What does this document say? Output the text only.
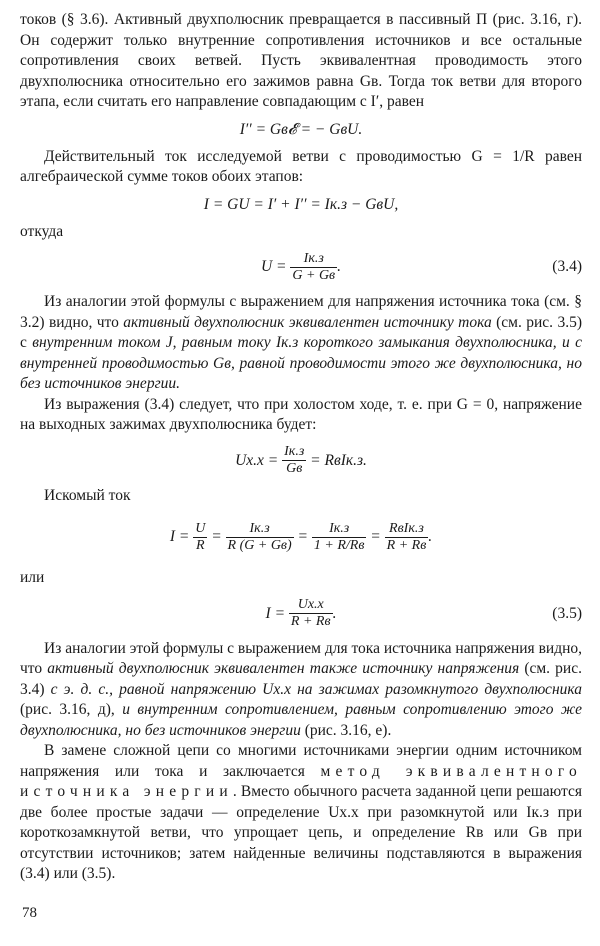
токов (§ 3.6). Активный двухполюсник превращается в пассивный П (рис. 3.16, г). Он содержит только внутренние сопротивления источников и все остальные сопротивления своих ветвей. Пусть эквивалентная проводимость этого двухполюсника относительно его зажимов равна Gв. Тогда ток ветви для второго этапа, если считать его направление совпадающим с I′, равен

I′′ = Gв𝓔 = − GвU.

Действительный ток исследуемой ветви с проводимостью G = 1/R равен алгебраической сумме токов обоих этапов:

I = GU = I′ + I′′ = Iк.з − GвU,

откуда

$U = \frac{Iк.з}{G + Gв}$ .	(3.4)

Из аналогии этой формулы с выражением для напряжения источника тока (см. § 3.2) видно, что активный двухполюсник эквивалентен источнику тока (см. рис. 3.5) с внутренним током J, равным току Iк.з короткого замыкания двухполюсника, и с внутренней проводимостью Gв, равной проводимости этого же двухполюсника, но без источников энергии.

Из выражения (3.4) следует, что при холостом ходе, т. е. при G = 0, напряжение на выходных зажимах двухполюсника будет:

$Uх.х = \frac{Iк.з}{Gв}$ = RвIк.з.

Искомый ток

$I = \frac{U}{R} = \frac{Iк.з}{R (G + Gв)} = \frac{Iк.з}{1 + R/Rв} = \frac{\text{RвIк.з}}{R + Rв}$ .

или

$I = \frac{Uх.х}{R + Rв}$ .	(3.5)

Из аналогии этой формулы с выражением для тока источника напряжения видно, что активный двухполюсник эквивалентен также источнику напряжения (см. рис. 3.4) с э. д. с., равной напряжению Uх.х на зажимах разомкнутого двухполюсника (рис. 3.16, д), и внутренним сопротивлением, равным сопротивлению этого же двухполюсника, но без источников энергии (рис. 3.16, е).

В замене сложной цепи со многими источниками энергии одним источником напряжения или тока и заключается метод эквивалентного источника энергии. Вместо обычного расчета заданной цепи решаются две более простые задачи — определение Uх.х при разомкнутой или Iк.з при короткозамкнутой ветви, что упрощает цепь, и определение Rв или Gв при отсутствии источников; затем найденные величины подставляются в выражения (3.4) или (3.5).

78
